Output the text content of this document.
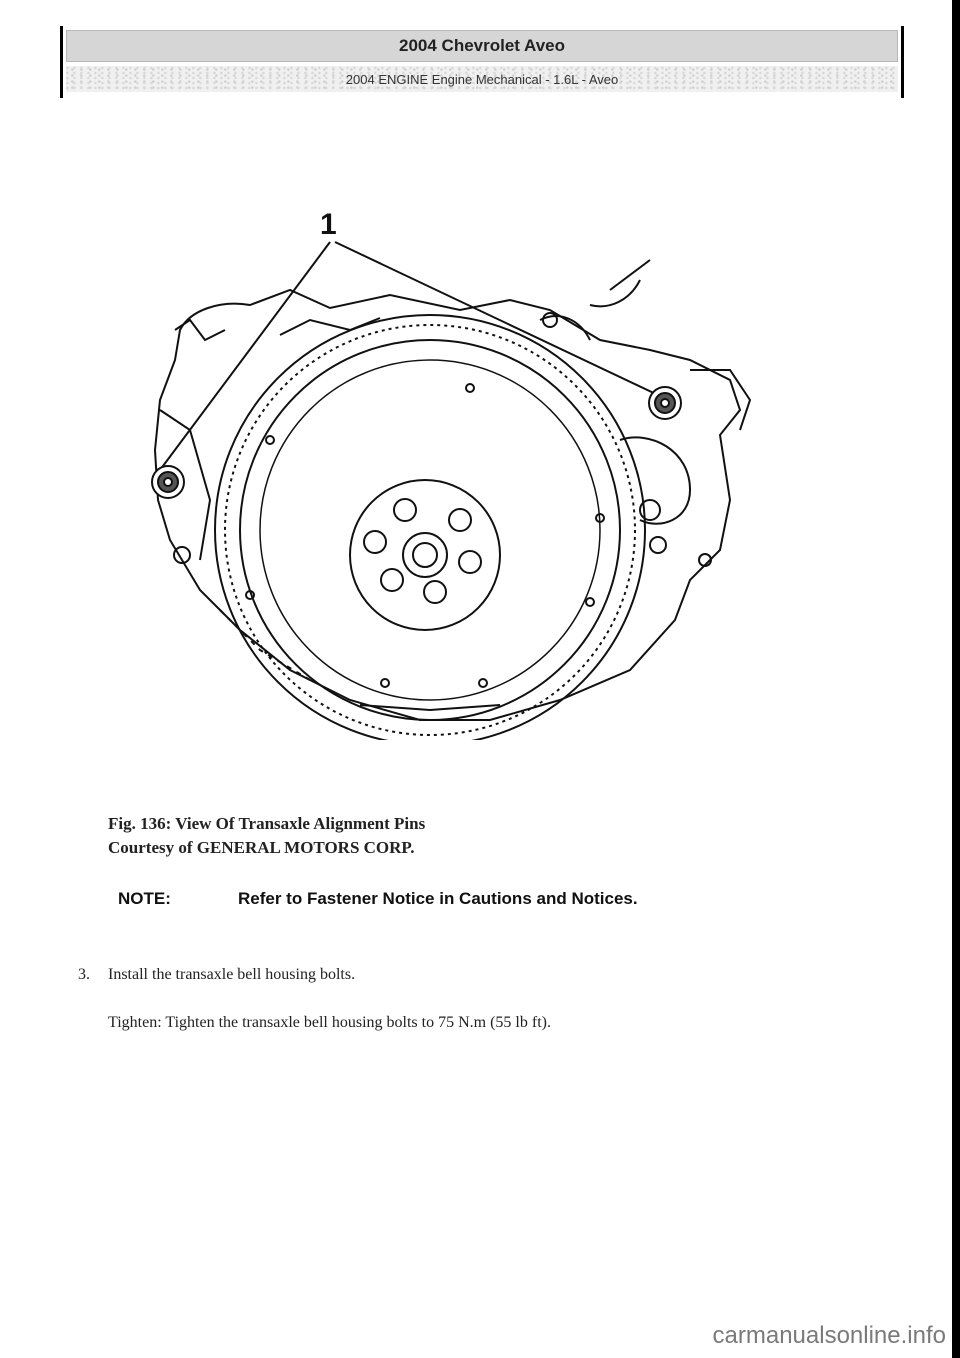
2004 Chevrolet Aveo
2004 ENGINE Engine Mechanical - 1.6L - Aveo
1
Fig. 136: View Of Transaxle Alignment Pins
Courtesy of GENERAL MOTORS CORP.
NOTE:	Refer to Fastener Notice in Cautions and Notices.
3.	Install the transaxle bell housing bolts.
Tighten: Tighten the transaxle bell housing bolts to 75 N.m (55 lb ft).
carmanualsonline.info
